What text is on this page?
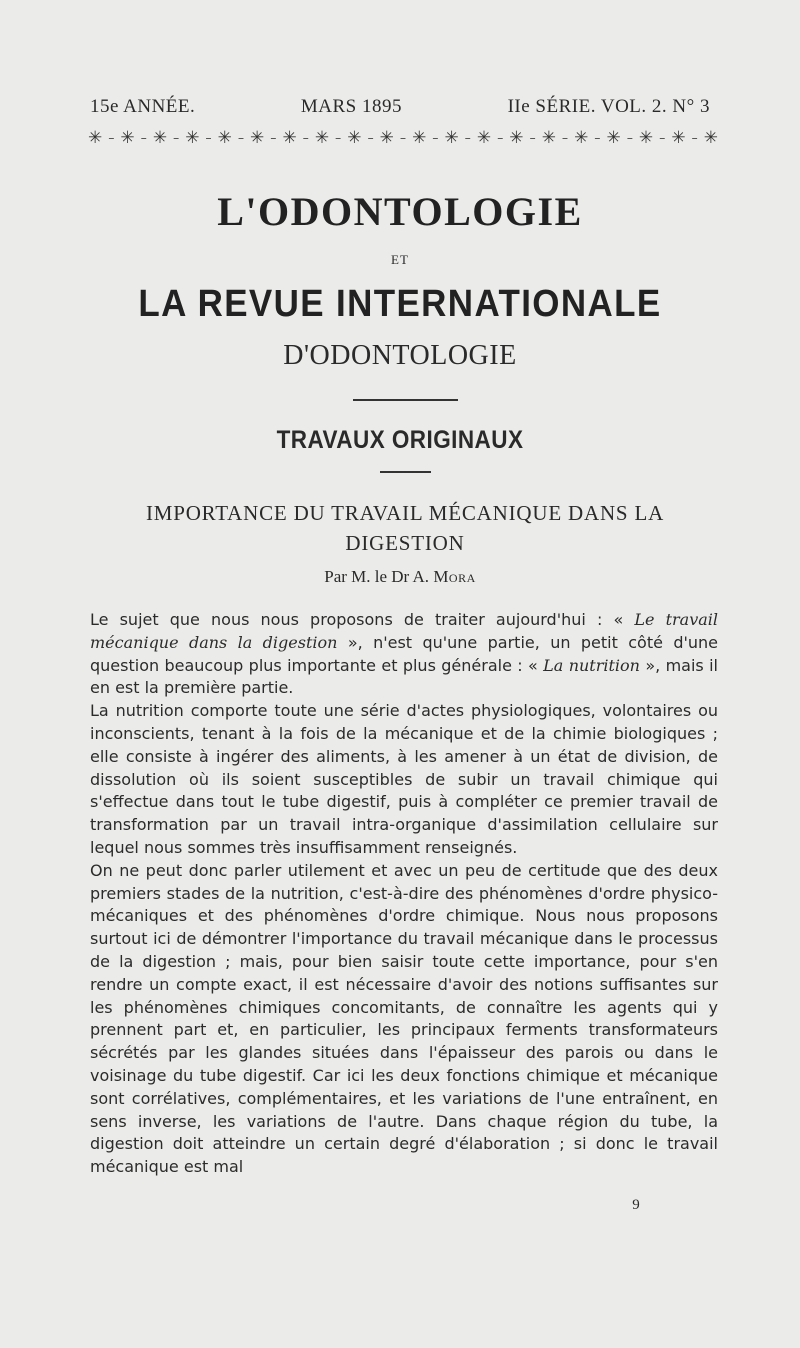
15e ANNÉE.	MARS 1895	IIe SÉRIE. VOL. 2. N° 3
✳ – ✳ – ✳ – ✳ – ✳ – ✳ – ✳ – ✳ – ✳ – ✳ – ✳ – ✳ – ✳ – ✳ – ✳ – ✳ – ✳ – ✳ – ✳ – ✳
L'ODONTOLOGIE
ET
LA REVUE INTERNATIONALE
D'ODONTOLOGIE
TRAVAUX ORIGINAUX
IMPORTANCE DU TRAVAIL MÉCANIQUE DANS LA DIGESTION
Par M. le Dr A. Mora

Le sujet que nous nous proposons de traiter aujourd'hui : « Le travail mécanique dans la digestion », n'est qu'une partie, un petit côté d'une question beaucoup plus importante et plus générale : « La nutrition », mais il en est la première partie.

La nutrition comporte toute une série d'actes physiologiques, volontaires ou inconscients, tenant à la fois de la mécanique et de la chimie biologiques ; elle consiste à ingérer des aliments, à les amener à un état de division, de dissolution où ils soient susceptibles de subir un travail chimique qui s'effectue dans tout le tube digestif, puis à compléter ce premier travail de transformation par un travail intra-organique d'assimilation cellulaire sur lequel nous sommes très insuffisamment renseignés.

On ne peut donc parler utilement et avec un peu de certitude que des deux premiers stades de la nutrition, c'est-à-dire des phénomènes d'ordre physico-mécaniques et des phénomènes d'ordre chimique. Nous nous proposons surtout ici de démontrer l'importance du travail mécanique dans le processus de la digestion ; mais, pour bien saisir toute cette importance, pour s'en rendre un compte exact, il est nécessaire d'avoir des notions suffisantes sur les phénomènes chimiques concomitants, de connaître les agents qui y prennent part et, en particulier, les principaux ferments transformateurs sécrétés par les glandes situées dans l'épaisseur des parois ou dans le voisinage du tube digestif. Car ici les deux fonctions chimique et mécanique sont corrélatives, complémentaires, et les variations de l'une entraînent, en sens inverse, les variations de l'autre. Dans chaque région du tube, la digestion doit atteindre un certain degré d'élaboration ; si donc le travail mécanique est mal

9
